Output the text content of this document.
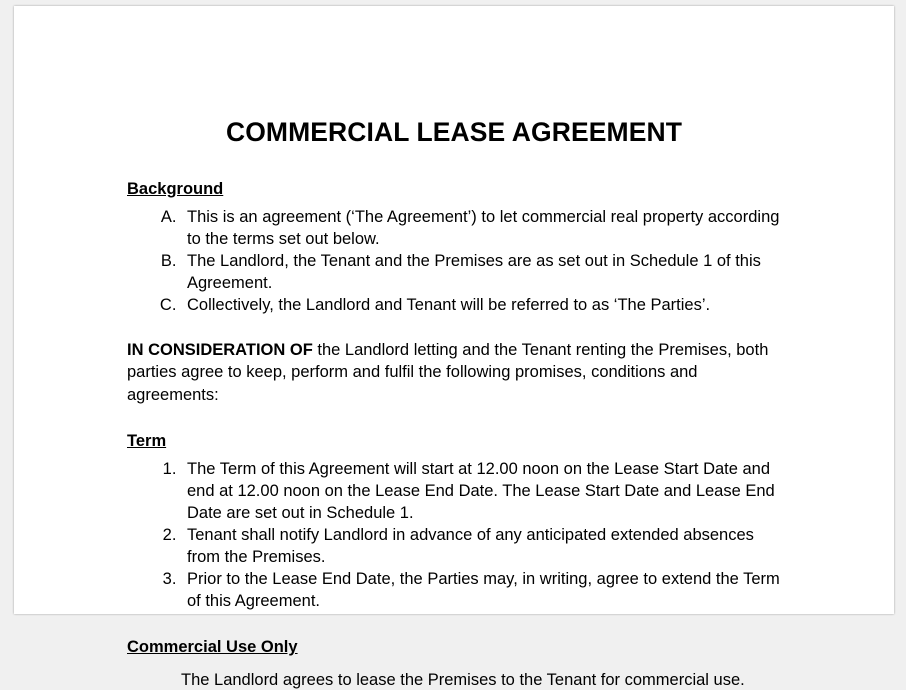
COMMERCIAL LEASE AGREEMENT
Background
A. This is an agreement (‘The Agreement’) to let commercial real property according to the terms set out below.
B. The Landlord, the Tenant and the Premises are as set out in Schedule 1 of this Agreement.
C. Collectively, the Landlord and Tenant will be referred to as ‘The Parties’.

IN CONSIDERATION OF the Landlord letting and the Tenant renting the Premises, both parties agree to keep, perform and fulfil the following promises, conditions and agreements:

Term
1. The Term of this Agreement will start at 12.00 noon on the Lease Start Date and end at 12.00 noon on the Lease End Date. The Lease Start Date and Lease End Date are set out in Schedule 1.
2. Tenant shall notify Landlord in advance of any anticipated extended absences from the Premises.
3. Prior to the Lease End Date, the Parties may, in writing, agree to extend the Term of this Agreement.
Commercial Use Only
The Landlord agrees to lease the Premises to the Tenant for commercial use.
